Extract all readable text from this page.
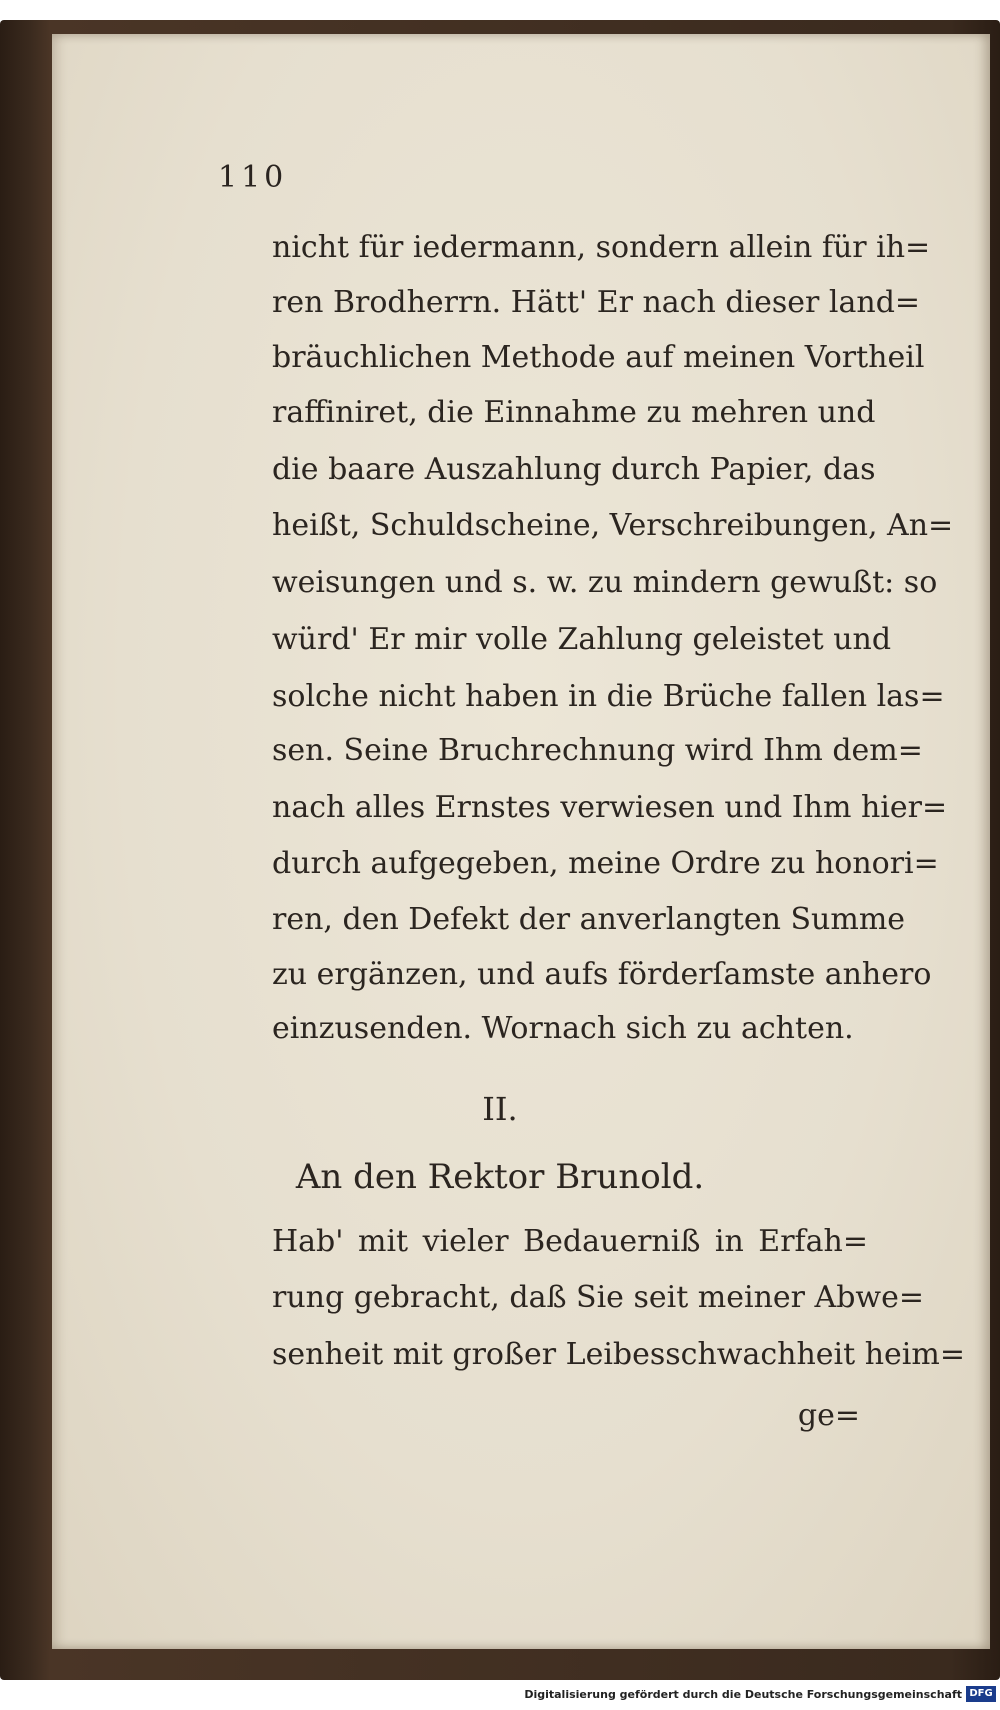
110
nicht für iedermann, sondern allein für ih=
ren Brodherrn. Hätt' Er nach dieser land=
bräuchlichen Methode auf meinen Vortheil
raffiniret, die Einnahme zu mehren und
die baare Auszahlung durch Papier, das
heißt, Schuldscheine, Verschreibungen, An=
weisungen und s. w. zu mindern gewußt: so
würd' Er mir volle Zahlung geleistet und
solche nicht haben in die Brüche fallen las=
sen. Seine Bruchrechnung wird Ihm dem=
nach alles Ernstes verwiesen und Ihm hier=
durch aufgegeben, meine Ordre zu honori=
ren, den Defekt der anverlangten Summe
zu ergänzen, und aufs förderſamste anhero
einzusenden. Wornach sich zu achten.
II.
An den Rektor Brunold.
Hab' mit vieler Bedauerniß in Erfah=
rung gebracht, daß Sie seit meiner Abwe=
senheit mit großer Leibesschwachheit heim=
ge=
Digitalisierung gefördert durch die Deutsche Forschungsgemeinschaft DFG
